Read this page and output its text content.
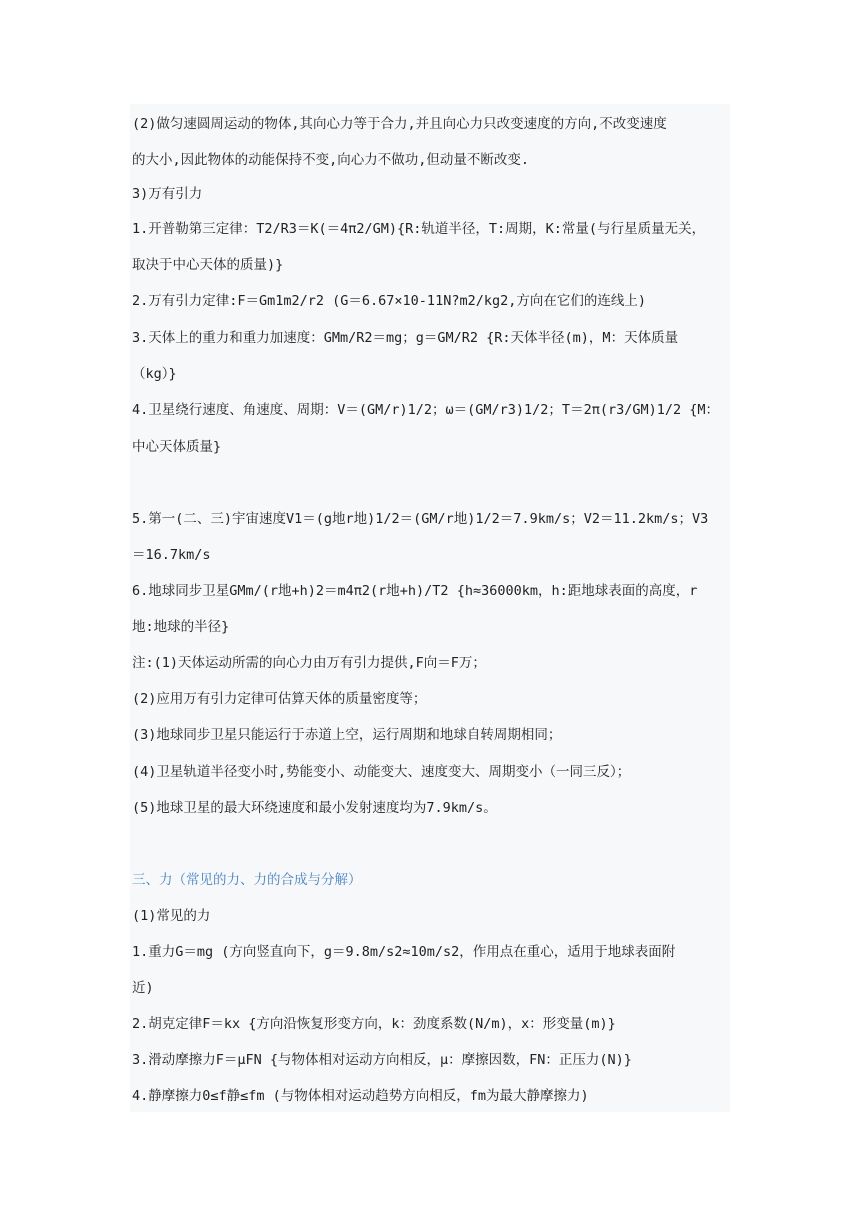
(2)做匀速圆周运动的物体,其向心力等于合力,并且向心力只改变速度的方向,不改变速度
的大小,因此物体的动能保持不变,向心力不做功,但动量不断改变.
3)万有引力
1.开普勒第三定律：T2/R3＝K(＝4π2/GM){R:轨道半径，T:周期，K:常量(与行星质量无关，
取决于中心天体的质量)}
2.万有引力定律:F＝Gm1m2/r2 (G＝6.67×10-11N?m2/kg2,方向在它们的连线上)
3.天体上的重力和重力加速度：GMm/R2＝mg；g＝GM/R2 {R:天体半径(m)，M：天体质量
（kg）}
4.卫星绕行速度、角速度、周期：V＝(GM/r)1/2；ω＝(GM/r3)1/2；T＝2π(r3/GM)1/2 {M：
中心天体质量}
5.第一(二、三)宇宙速度V1＝(g地r地)1/2＝(GM/r地)1/2＝7.9km/s；V2＝11.2km/s；V3
＝16.7km/s
6.地球同步卫星GMm/(r地+h)2＝m4π2(r地+h)/T2 {h≈36000km，h:距地球表面的高度，r
地:地球的半径}
注:(1)天体运动所需的向心力由万有引力提供,F向＝F万；
(2)应用万有引力定律可估算天体的质量密度等；
(3)地球同步卫星只能运行于赤道上空，运行周期和地球自转周期相同；
(4)卫星轨道半径变小时,势能变小、动能变大、速度变大、周期变小（一同三反）；
(5)地球卫星的最大环绕速度和最小发射速度均为7.9km/s。
三、力（常见的力、力的合成与分解）
(1)常见的力
1.重力G＝mg (方向竖直向下，g＝9.8m/s2≈10m/s2，作用点在重心，适用于地球表面附
近)
2.胡克定律F＝kx {方向沿恢复形变方向，k：劲度系数(N/m)，x：形变量(m)}
3.滑动摩擦力F＝μFN {与物体相对运动方向相反，μ：摩擦因数，FN：正压力(N)}
4.静摩擦力0≤f静≤fm (与物体相对运动趋势方向相反，fm为最大静摩擦力)
